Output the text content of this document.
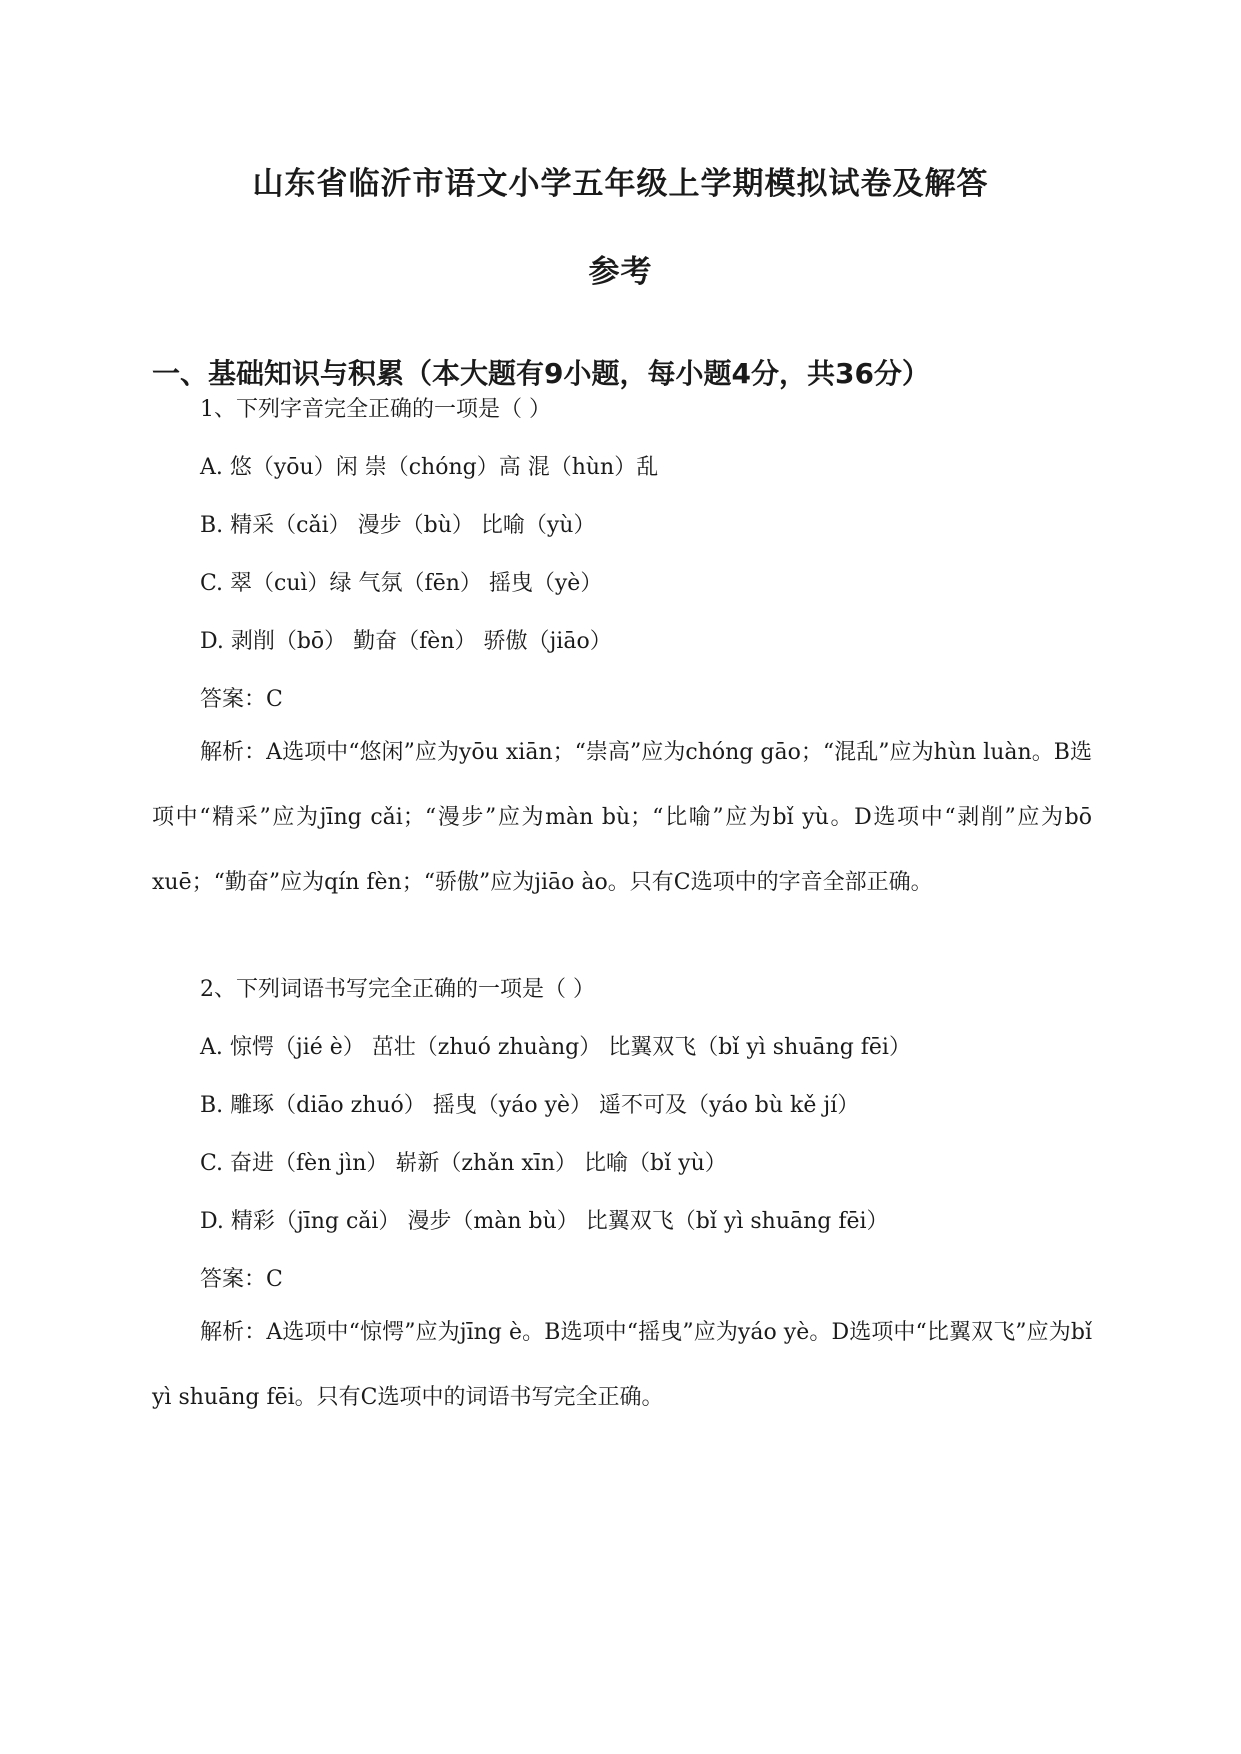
山东省临沂市语文小学五年级上学期模拟试卷及解答
参考
一、基础知识与积累（本大题有9小题，每小题4分，共36分）

1、下列字音完全正确的一项是（ ）

A. 悠（yōu）闲 崇（chóng）高 混（hùn）乱

B. 精采（cǎi） 漫步（bù） 比喻（yù）

C. 翠（cuì）绿 气氛（fēn） 摇曳（yè）

D. 剥削（bō） 勤奋（fèn） 骄傲（jiāo）

答案：C

解析：A选项中“悠闲”应为yōu xiān；“崇高”应为chóng gāo；“混乱”应为hùn luàn。B选项中“精采”应为jīng cǎi；“漫步”应为màn bù；“比喻”应为bǐ yù。D选项中“剥削”应为bō xuē；“勤奋”应为qín fèn；“骄傲”应为jiāo ào。只有C选项中的字音全部正确。

2、下列词语书写完全正确的一项是（ ）

A. 惊愕（jié è） 茁壮（zhuó zhuàng） 比翼双飞（bǐ yì shuāng fēi）

B. 雕琢（diāo zhuó） 摇曳（yáo yè） 遥不可及（yáo bù kě jí）

C. 奋进（fèn jìn） 崭新（zhǎn xīn） 比喻（bǐ yù）

D. 精彩（jīng cǎi） 漫步（màn bù） 比翼双飞（bǐ yì shuāng fēi）

答案：C

解析：A选项中“惊愕”应为jīng è。B选项中“摇曳”应为yáo yè。D选项中“比翼双飞”应为bǐ yì shuāng fēi。只有C选项中的词语书写完全正确。
